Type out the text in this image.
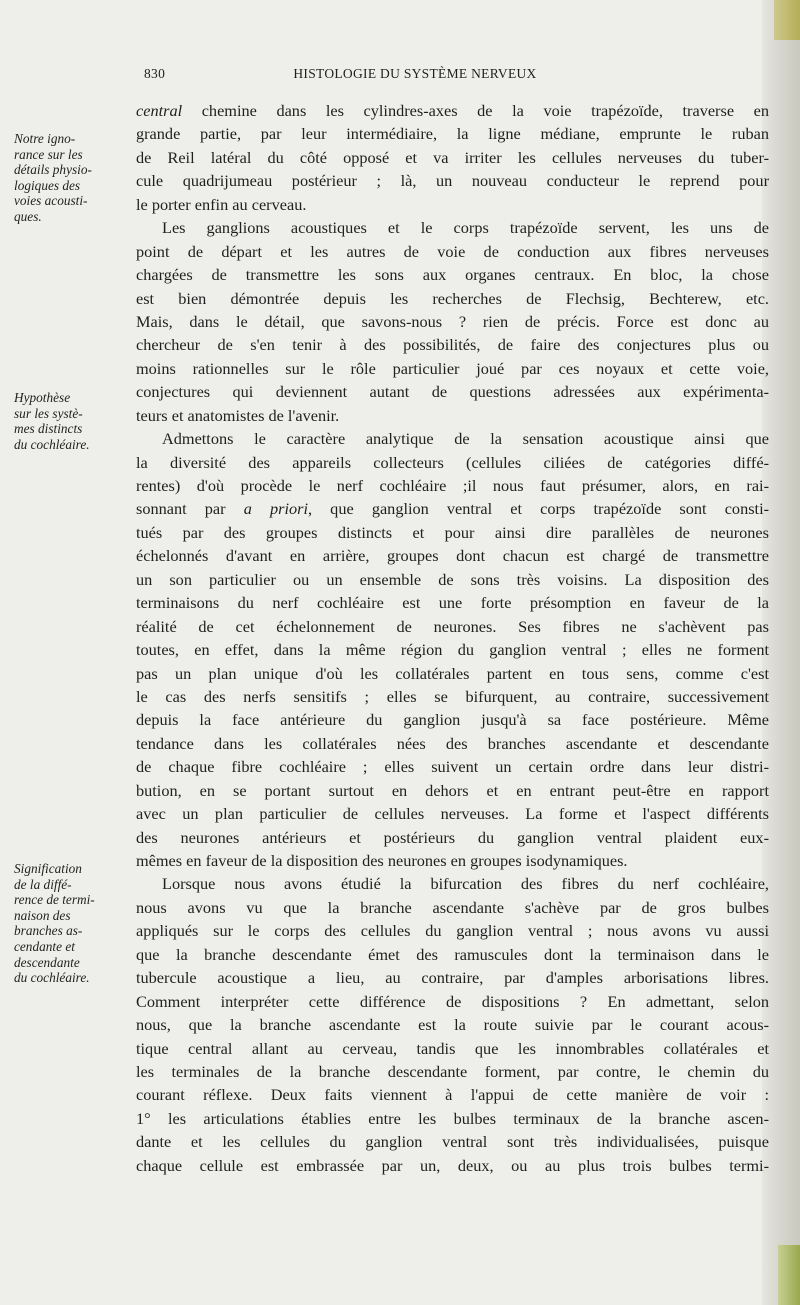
830	HISTOLOGIE DU SYSTÈME NERVEUX
Notre igno-
rance sur les
détails physio-
logiques des
voies acousti-
ques.
Hypothèse
sur les systè-
mes distincts
du cochléaire.
Signification
de la diffé-
rence de termi-
naison des
branches as-
cendante et
descendante
du cochléaire.
central chemine dans les cylindres-axes de la voie trapézoïde, traverse en
grande partie, par leur intermédiaire, la ligne médiane, emprunte le ruban
de Reil latéral du côté opposé et va irriter les cellules nerveuses du tuber-
cule quadrijumeau postérieur ; là, un nouveau conducteur le reprend pour
le porter enfin au cerveau.
Les ganglions acoustiques et le corps trapézoïde servent, les uns de
point de départ et les autres de voie de conduction aux fibres nerveuses
chargées de transmettre les sons aux organes centraux. En bloc, la chose
est bien démontrée depuis les recherches de Flechsig, Bechterew, etc.
Mais, dans le détail, que savons-nous ? rien de précis. Force est donc au
chercheur de s'en tenir à des possibilités, de faire des conjectures plus ou
moins rationnelles sur le rôle particulier joué par ces noyaux et cette voie,
conjectures qui deviennent autant de questions adressées aux expérimenta-
teurs et anatomistes de l'avenir.
Admettons le caractère analytique de la sensation acoustique ainsi que
la diversité des appareils collecteurs (cellules ciliées de catégories diffé-
rentes) d'où procède le nerf cochléaire ;il nous faut présumer, alors, en rai-
sonnant par a priori, que ganglion ventral et corps trapézoïde sont consti-
tués par des groupes distincts et pour ainsi dire parallèles de neurones
échelonnés d'avant en arrière, groupes dont chacun est chargé de transmettre
un son particulier ou un ensemble de sons très voisins. La disposition des
terminaisons du nerf cochléaire est une forte présomption en faveur de la
réalité de cet échelonnement de neurones. Ses fibres ne s'achèvent pas
toutes, en effet, dans la même région du ganglion ventral ; elles ne forment
pas un plan unique d'où les collatérales partent en tous sens, comme c'est
le cas des nerfs sensitifs ; elles se bifurquent, au contraire, successivement
depuis la face antérieure du ganglion jusqu'à sa face postérieure. Même
tendance dans les collatérales nées des branches ascendante et descendante
de chaque fibre cochléaire ; elles suivent un certain ordre dans leur distri-
bution, en se portant surtout en dehors et en entrant peut-être en rapport
avec un plan particulier de cellules nerveuses. La forme et l'aspect différents
des neurones antérieurs et postérieurs du ganglion ventral plaident eux-
mêmes en faveur de la disposition des neurones en groupes isodynamiques.
Lorsque nous avons étudié la bifurcation des fibres du nerf cochléaire,
nous avons vu que la branche ascendante s'achève par de gros bulbes
appliqués sur le corps des cellules du ganglion ventral ; nous avons vu aussi
que la branche descendante émet des ramuscules dont la terminaison dans le
tubercule acoustique a lieu, au contraire, par d'amples arborisations libres.
Comment interpréter cette différence de dispositions ? En admettant, selon
nous, que la branche ascendante est la route suivie par le courant acous-
tique central allant au cerveau, tandis que les innombrables collatérales et
les terminales de la branche descendante forment, par contre, le chemin du
courant réflexe. Deux faits viennent à l'appui de cette manière de voir :
1° les articulations établies entre les bulbes terminaux de la branche ascen-
dante et les cellules du ganglion ventral sont très individualisées, puisque
chaque cellule est embrassée par un, deux, ou au plus trois bulbes termi-
